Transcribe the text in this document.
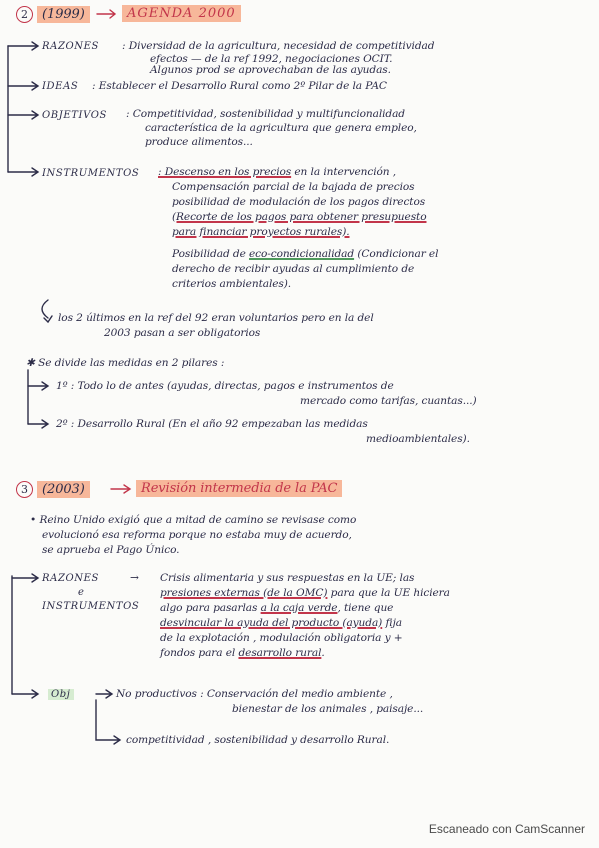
2 (1999)	AGENDA 2000
RAZONES : Diversidad de la agricultura, necesidad de competitividad
efectos — de la ref 1992, negociaciones OCIT.
Algunos prod se aprovechaban de las ayudas.
IDEAS : Establecer el Desarrollo Rural como 2º Pilar de la PAC
OBJETIVOS : Competitividad, sostenibilidad y multifuncionalidad
característica de la agricultura que genera empleo,
produce alimentos...
INSTRUMENTOS : Descenso en los precios en la intervención ,
Compensación parcial de la bajada de precios
posibilidad de modulación de los pagos directos
(Recorte de los pagos para obtener presupuesto
para financiar proyectos rurales).
Posibilidad de eco-condicionalidad (Condicionar el
derecho de recibir ayudas al cumplimiento de
criterios ambientales).
los 2 últimos en la ref del 92 eran voluntarios pero en la del
2003 pasan a ser obligatorios
✱ Se divide las medidas en 2 pilares :
1º : Todo lo de antes (ayudas, directas, pagos e instrumentos de
mercado como tarifas, cuantas...)
2º : Desarrollo Rural (En el año 92 empezaban las medidas
medioambientales).
3 (2003)	Revisión intermedia de la PAC
• Reino Unido exigió que a mitad de camino se revisase como
evolucionó esa reforma porque no estaba muy de acuerdo,
se aprueba el Pago Único.
RAZONES
e
INSTRUMENTOS
→ Crisis alimentaria y sus respuestas en la UE; las
presiones externas (de la OMC) para que la UE hiciera
algo para pasarlas a la caja verde, tiene que
desvincular la ayuda del producto (ayuda) fija
de la explotación , modulación obligatoria y +
fondos para el desarrollo rural.
Obj	No productivos : Conservación del medio ambiente ,
bienestar de los animales , paisaje...
competitividad , sostenibilidad y desarrollo Rural.
Escaneado con CamScanner
